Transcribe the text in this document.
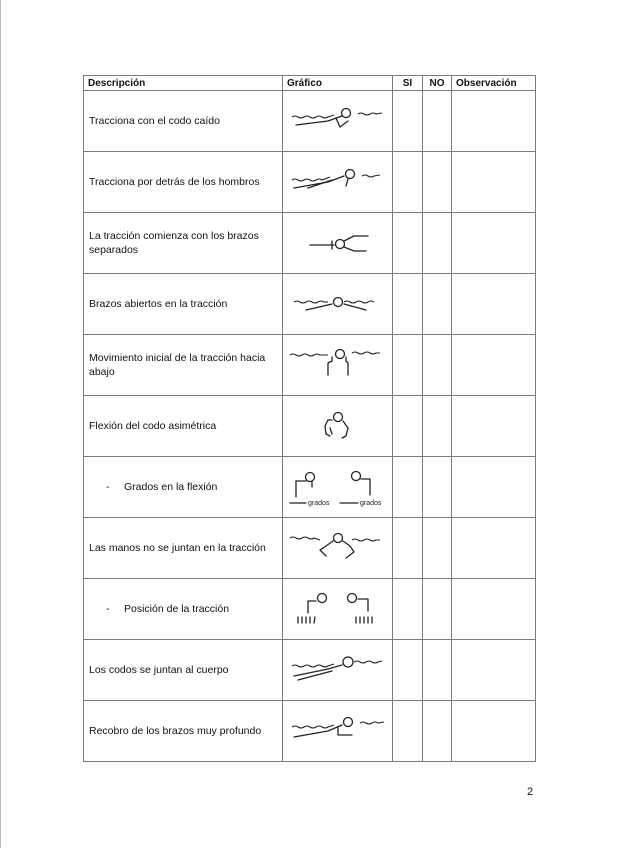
Descripción	Gráfico	SI	NO	Observación
Tracciona con el codo caído	

Tracciona por detrás de los hombros	

La tracción comienza con los brazos separados	

Brazos abiertos en la tracción	

Movimiento inicial de la tracción hacia abajo	

Flexión del codo asimétrica	

- Grados en la flexión	grados grados			

Las manos no se juntan en la tracción	

- Posición de la tracción	

Los codos se juntan al cuerpo	

Recobro de los brazos muy profundo	

2
